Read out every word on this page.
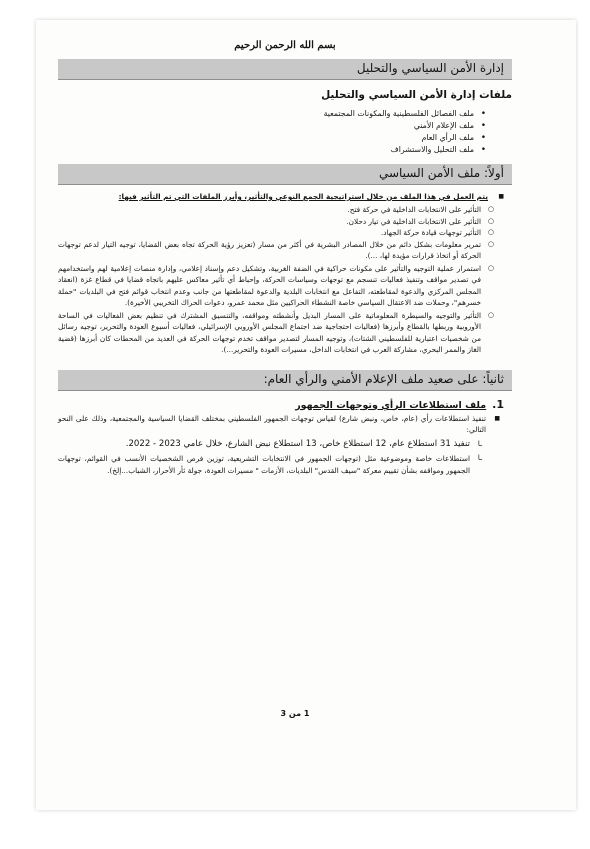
بسم الله الرحمن الرحيم
إدارة الأمن السياسي والتحليل
ملفات إدارة الأمن السياسي والتحليل
• ملف الفصائل الفلسطينية والمكونات المجتمعية
• ملف الإعلام الأمني
• ملف الرأي العام
• ملف التحليل والاستشراف
أولاً: ملف الأمن السياسي
■ يتم العمل في هذا الملف من خلال استراتيجية الجمع النوعي والتأثير، وأبرز الملفات التي تم التأثير فيها:
○ التأثير على الانتخابات الداخلية في حركة فتح.
○ التأثير على الانتخابات الداخلية في تيار دحلان.
○ التأثير توجهات قيادة حركة الجهاد.
○ تمرير معلومات بشكل دائم من خلال المصادر البشرية في أكثر من مسار (تعزيز رؤية الحركة تجاه بعض القضايا، توجيه التيار لدعم توجهات الحركة أو اتخاذ قرارات مؤيدة لها، ...).
○ استمرار عملية التوجيه والتأثير على مكونات حراكية في الضفة الغربية، وتشكيل دعم وإسناد إعلامي، وإدارة منصات إعلامية لهم واستخدامهم في تصدير مواقف وتنفيذ فعاليات تنسجم مع توجهات وسياسات الحركة، وإحباط أي تأثير معاكس عليهم باتجاه قضايا في قطاع غزة (انعقاد المجلس المركزي والدعوة لمقاطعته، التفاعل مع انتخابات البلدية والدعوة لمقاطعتها من جانب وعدم انتخاب قوائم فتح في البلديات "حملة خسرهم"، وحملات ضد الاعتقال السياسي خاصة النشطاء الحراكيين مثل محمد عمرو، دعوات الحراك التخريبي الأخيرة).
○ التأثير والتوجيه والسيطرة المعلوماتية على المسار البديل وأنشطته ومواقفه، والتنسيق المشترك في تنظيم بعض الفعاليات في الساحة الأوروبية وربطها بالقطاع وأبرزها (فعاليات احتجاجية ضد اجتماع المجلس الأوروبي الإسرائيلي، فعاليات أسبوع العودة والتحرير، توجيه رسائل من شخصيات اعتبارية للفلسطيني الشتات)، وتوجيه المسار لتصدير مواقف تخدم توجهات الحركة في العديد من المحطات كان أبرزها (قضية الغاز والممر البحري، مشاركة العرب في انتخابات الداخل، مسيرات العودة والتحرير...).
ثانياً: على صعيد ملف الإعلام الأمني والرأي العام:
1.ملف استطلاعات الرأي وتوجهات الجمهور
■ تنفيذ استطلاعات رأي (عام، خاص، ونبض شارع) لقياس توجهات الجمهور الفلسطيني بمختلف القضايا السياسية والمجتمعية، وذلك على النحو التالي:
ـا تنفيذ 31 استطلاع عام، 12 استطلاع خاص، 13 استطلاع نبض الشارع، خلال عامي 2023 - 2022.
ـا استطلاعات خاصة وموضوعية مثل (توجهات الجمهور في الانتخابات التشريعية، توزين فرص الشخصيات الأنسب في القوائم، توجهات الجمهور ومواقفه بشأن تقييم معركة "سيف القدس" البلديات، الأزمات " مسيرات العودة، جولة ثأر الأحرار، الشباب...إلخ).
1 من 3
